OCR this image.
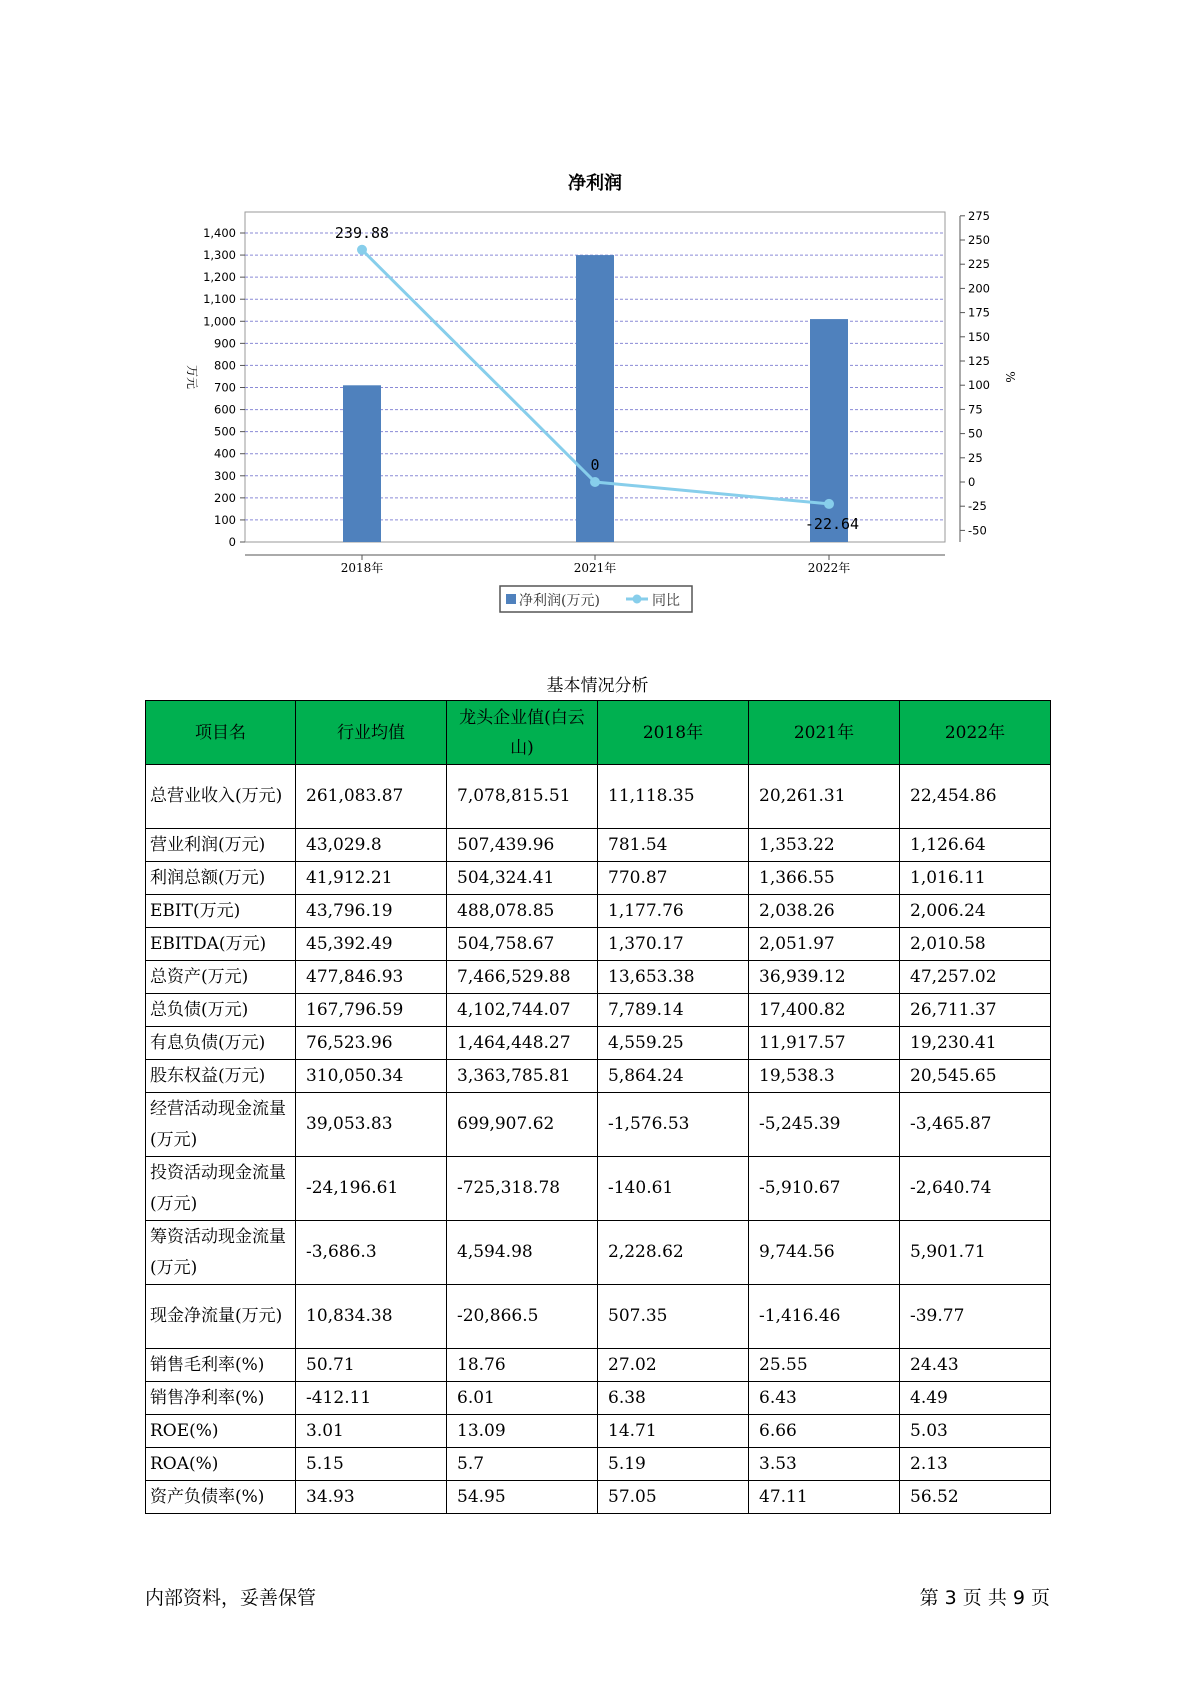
净利润
0
100
200
300
400
500
600
700
800
900
1,000
1,100
1,200
1,300
1,400
-50
-25
0
25
50
75
100
125
150
175
200
225
250
275
2018年	2021年	2022年
239.88
0
-22.64
万元	%
净利润(万元)	同比
基本情况分析
项目名	行业均值	龙头企业值(白云山)	2018年	2021年	2022年
总营业收入(万元)	261,083.87	7,078,815.51	11,118.35	20,261.31	22,454.86
营业利润(万元)	43,029.8	507,439.96	781.54	1,353.22	1,126.64
利润总额(万元)	41,912.21	504,324.41	770.87	1,366.55	1,016.11
EBIT(万元)	43,796.19	488,078.85	1,177.76	2,038.26	2,006.24
EBITDA(万元)	45,392.49	504,758.67	1,370.17	2,051.97	2,010.58
总资产(万元)	477,846.93	7,466,529.88	13,653.38	36,939.12	47,257.02
总负债(万元)	167,796.59	4,102,744.07	7,789.14	17,400.82	26,711.37
有息负债(万元)	76,523.96	1,464,448.27	4,559.25	11,917.57	19,230.41
股东权益(万元)	310,050.34	3,363,785.81	5,864.24	19,538.3	20,545.65
经营活动现金流量(万元)	39,053.83	699,907.62	-1,576.53	-5,245.39	-3,465.87
投资活动现金流量(万元)	-24,196.61	-725,318.78	-140.61	-5,910.67	-2,640.74
筹资活动现金流量(万元)	-3,686.3	4,594.98	2,228.62	9,744.56	5,901.71
现金净流量(万元)	10,834.38	-20,866.5	507.35	-1,416.46	-39.77
销售毛利率(%)	50.71	18.76	27.02	25.55	24.43
销售净利率(%)	-412.11	6.01	6.38	6.43	4.49
ROE(%)	3.01	13.09	14.71	6.66	5.03
ROA(%)	5.15	5.7	5.19	3.53	2.13
资产负债率(%)	34.93	54.95	57.05	47.11	56.52
内部资料，妥善保管	第 3 页 共 9 页
